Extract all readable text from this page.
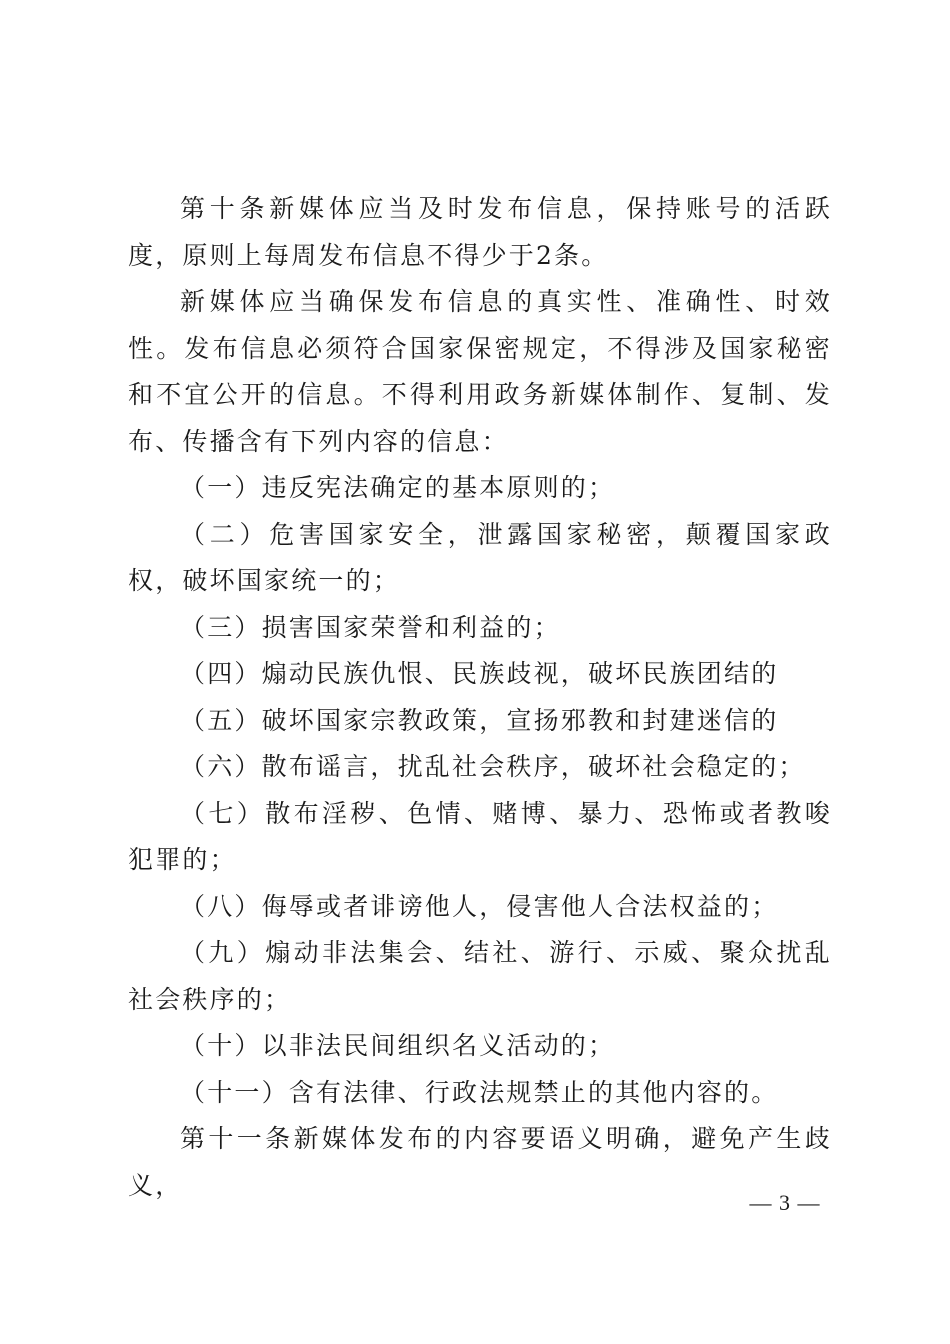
第十条新媒体应当及时发布信息，保持账号的活跃度，原则上每周发布信息不得少于2条。

新媒体应当确保发布信息的真实性、准确性、时效性。发布信息必须符合国家保密规定，不得涉及国家秘密和不宜公开的信息。不得利用政务新媒体制作、复制、发布、传播含有下列内容的信息：

（一）违反宪法确定的基本原则的；

（二）危害国家安全，泄露国家秘密，颠覆国家政权，破坏国家统一的；

（三）损害国家荣誉和利益的；

（四）煽动民族仇恨、民族歧视，破坏民族团结的

（五）破坏国家宗教政策，宣扬邪教和封建迷信的

（六）散布谣言，扰乱社会秩序，破坏社会稳定的；

（七）散布淫秽、色情、赌博、暴力、恐怖或者教唆犯罪的；

（八）侮辱或者诽谤他人，侵害他人合法权益的；

（九）煽动非法集会、结社、游行、示威、聚众扰乱社会秩序的；

（十）以非法民间组织名义活动的；

（十一）含有法律、行政法规禁止的其他内容的。

第十一条新媒体发布的内容要语义明确，避免产生歧义，

— 3 —
